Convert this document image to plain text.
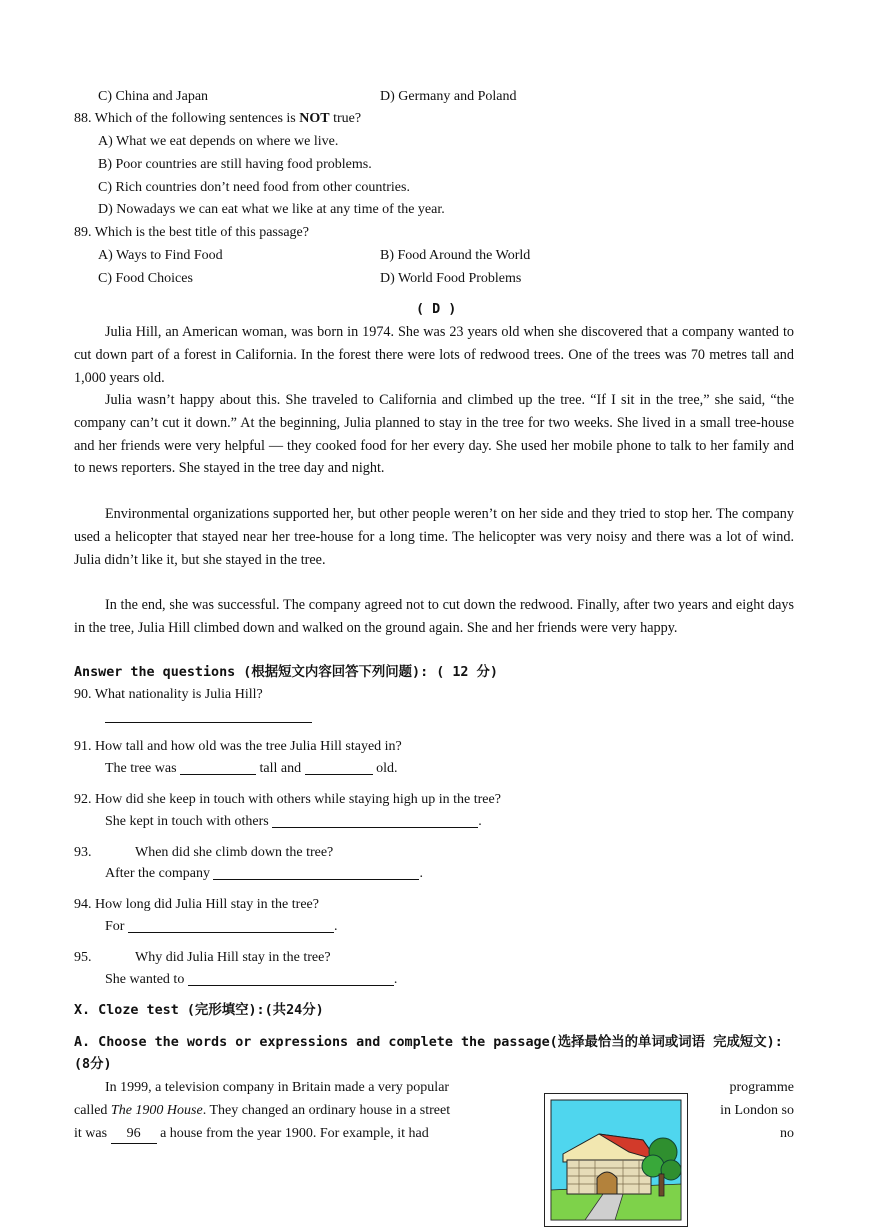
C) China and Japan	D) Germany and Poland
88. Which of the following sentences is NOT true?
A) What we eat depends on where we live.
B) Poor countries are still having food problems.
C) Rich countries don’t need food from other countries.
D) Nowadays we can eat what we like at any time of the year.
89. Which is the best title of this passage?
A) Ways to Find Food	B) Food Around the World
C) Food Choices	D) World Food Problems
( D )
Julia Hill, an American woman, was born in 1974. She was 23 years old when she discovered that a company wanted to cut down part of a forest in California. In the forest there were lots of redwood trees. One of the trees was 70 metres tall and 1,000 years old.
Julia wasn’t happy about this. She traveled to California and climbed up the tree. “If I sit in the tree,” she said, “the company can’t cut it down.” At the beginning, Julia planned to stay in the tree for two weeks. She lived in a small tree-house and her friends were very helpful — they cooked food for her every day. She used her mobile phone to talk to her family and to news reporters. She stayed in the tree day and night.
Environmental organizations supported her, but other people weren’t on her side and they tried to stop her. The company used a helicopter that stayed near her tree-house for a long time. The helicopter was very noisy and there was a lot of wind. Julia didn’t like it, but she stayed in the tree.
In the end, she was successful. The company agreed not to cut down the redwood. Finally, after two years and eight days in the tree, Julia Hill climbed down and walked on the ground again. She and her friends were very happy.
Answer the questions (根据短文内容回答下列问题): ( 12 分)
90. What nationality is Julia Hill?
91. How tall and how old was the tree Julia Hill stayed in?
The tree was	tall and	old.
92. How did she keep in touch with others while staying high up in the tree?
She kept in touch with others	.
93.	When did she climb down the tree?
After the company	.
94. How long did Julia Hill stay in the tree?
For	.
95.	Why did Julia Hill stay in the tree?
She wanted to	.
X. Cloze test (完形填空):(共24分)
A. Choose the words or expressions and complete the passage(选择最恰当的单词或词语 完成短文):
(8分)
In 1999, a television company in Britain made a very popular	programme
called The 1900 House. They changed an ordinary house in a street	in London so
it was 96 a house from the year 1900. For example, it had	no
